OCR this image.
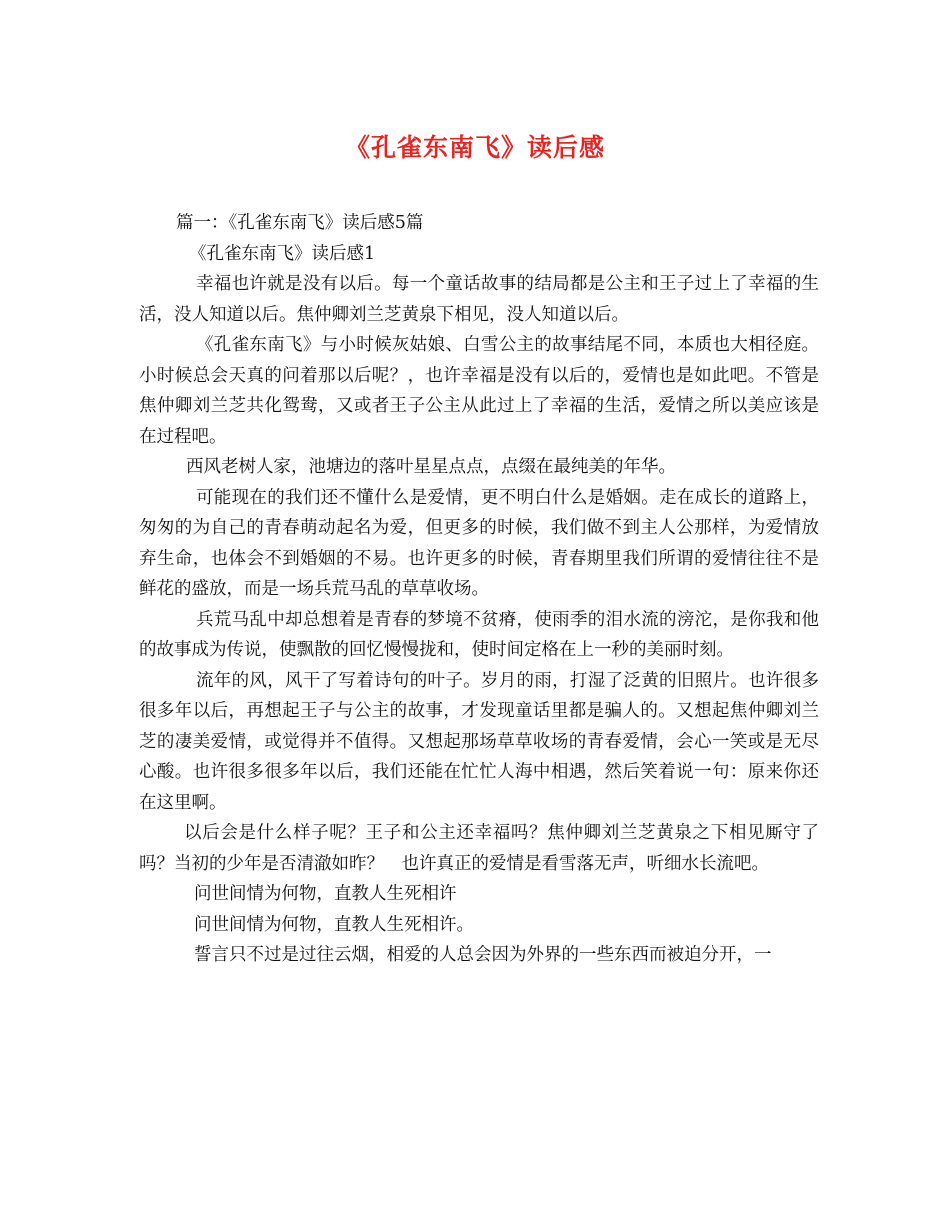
《孔雀东南飞》读后感

篇一：《孔雀东南飞》读后感5篇

《孔雀东南飞》读后感1

幸福也许就是没有以后。每一个童话故事的结局都是公主和王子过上了幸福的生活，没人知道以后。焦仲卿刘兰芝黄泉下相见，没人知道以后。

《孔雀东南飞》与小时候灰姑娘、白雪公主的故事结尾不同，本质也大相径庭。小时候总会天真的问着那以后呢？，也许幸福是没有以后的，爱情也是如此吧。不管是焦仲卿刘兰芝共化鸳鸯，又或者王子公主从此过上了幸福的生活，爱情之所以美应该是在过程吧。

西风老树人家，池塘边的落叶星星点点，点缀在最纯美的年华。

可能现在的我们还不懂什么是爱情，更不明白什么是婚姻。走在成长的道路上，匆匆的为自己的青春萌动起名为爱，但更多的时候，我们做不到主人公那样，为爱情放弃生命，也体会不到婚姻的不易。也许更多的时候，青春期里我们所谓的爱情往往不是鲜花的盛放，而是一场兵荒马乱的草草收场。

兵荒马乱中却总想着是青春的梦境不贫瘠，使雨季的泪水流的滂沱，是你我和他的故事成为传说，使飘散的回忆慢慢拢和，使时间定格在上一秒的美丽时刻。

流年的风，风干了写着诗句的叶子。岁月的雨，打湿了泛黄的旧照片。也许很多很多年以后，再想起王子与公主的故事，才发现童话里都是骗人的。又想起焦仲卿刘兰芝的凄美爱情，或觉得并不值得。又想起那场草草收场的青春爱情，会心一笑或是无尽心酸。也许很多很多年以后，我们还能在忙忙人海中相遇，然后笑着说一句：原来你还在这里啊。

以后会是什么样子呢？王子和公主还幸福吗？焦仲卿刘兰芝黄泉之下相见厮守了吗？当初的少年是否清澈如昨？　也许真正的爱情是看雪落无声，听细水长流吧。

问世间情为何物，直教人生死相许

问世间情为何物，直教人生死相许。

誓言只不过是过往云烟，相爱的人总会因为外界的一些东西而被迫分开，一
